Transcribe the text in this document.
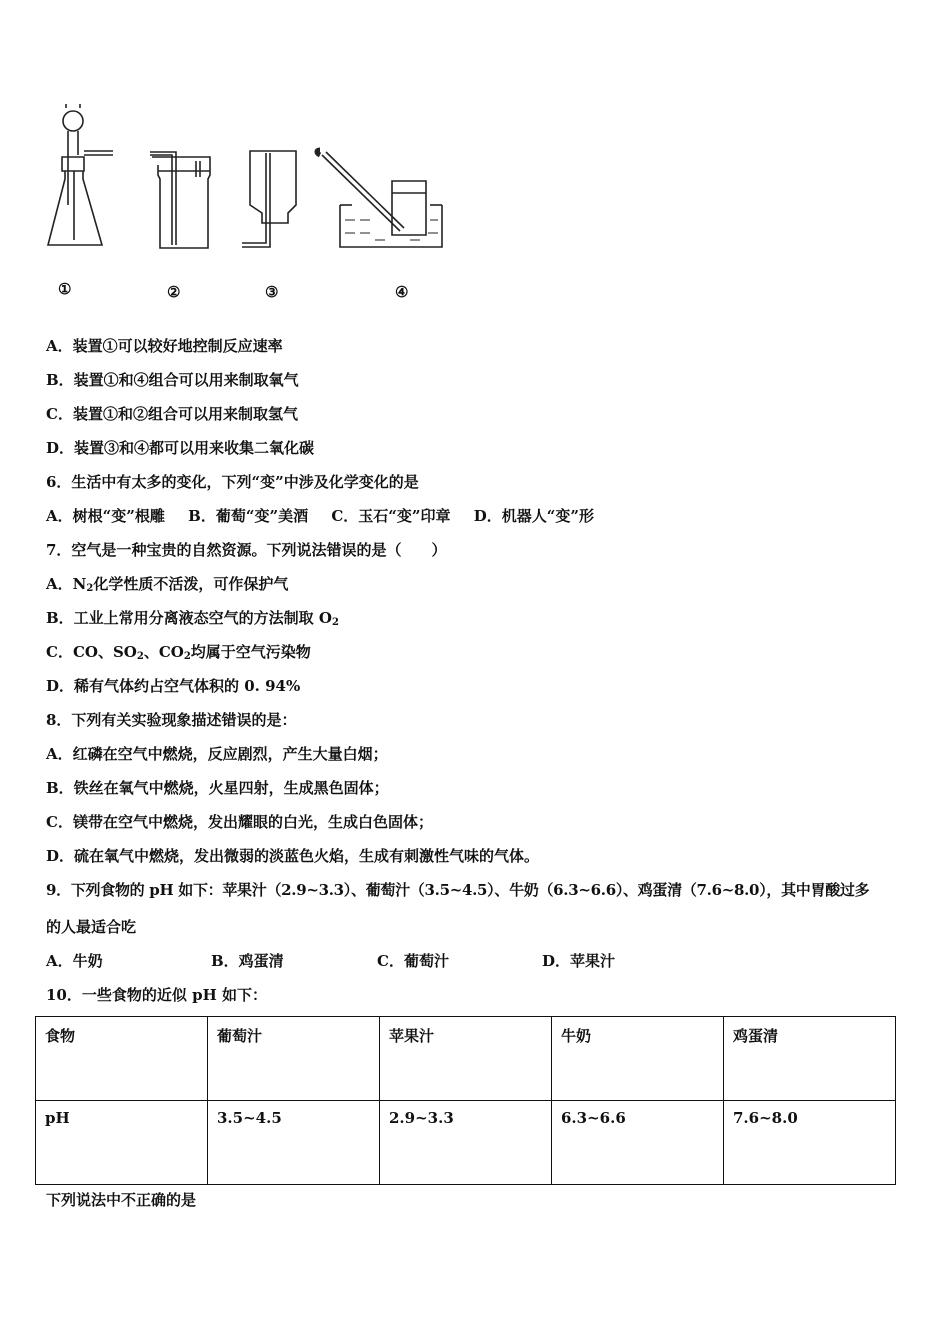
①	②	③	④
A．装置①可以较好地控制反应速率
B．装置①和④组合可以用来制取氧气
C．装置①和②组合可以用来制取氢气
D．装置③和④都可以用来收集二氧化碳
6．生活中有太多的变化，下列“变”中涉及化学变化的是
A．树根“变”根雕 B．葡萄“变”美酒 C．玉石“变”印章 D．机器人“变”形
7．空气是一种宝贵的自然资源。下列说法错误的是（　　）
A．$N_2$化学性质不活泼，可作保护气
B．工业上常用分离液态空气的方法制取 $O_2$
C．CO、$SO_2$、$CO_2$均属于空气污染物
D．稀有气体约占空气体积的 0. 94%
8．下列有关实验现象描述错误的是：
A．红磷在空气中燃烧，反应剧烈，产生大量白烟；
B．铁丝在氧气中燃烧，火星四射，生成黑色固体；
C．镁带在空气中燃烧，发出耀眼的白光，生成白色固体；
D．硫在氧气中燃烧，发出微弱的淡蓝色火焰，生成有刺激性气味的气体。
9．下列食物的 pH 如下：苹果汁（2.9~3.3）、葡萄汁（3.5~4.5）、牛奶（6.3~6.6）、鸡蛋清（7.6~8.0），其中胃酸过多
的人最适合吃
A．牛奶	B．鸡蛋清	C．葡萄汁	D．苹果汁
10．一些食物的近似 pH 如下：
食物	葡萄汁	苹果汁	牛奶	鸡蛋清
pH	3.5~4.5	2.9~3.3	6.3~6.6	7.6~8.0
下列说法中不正确的是
